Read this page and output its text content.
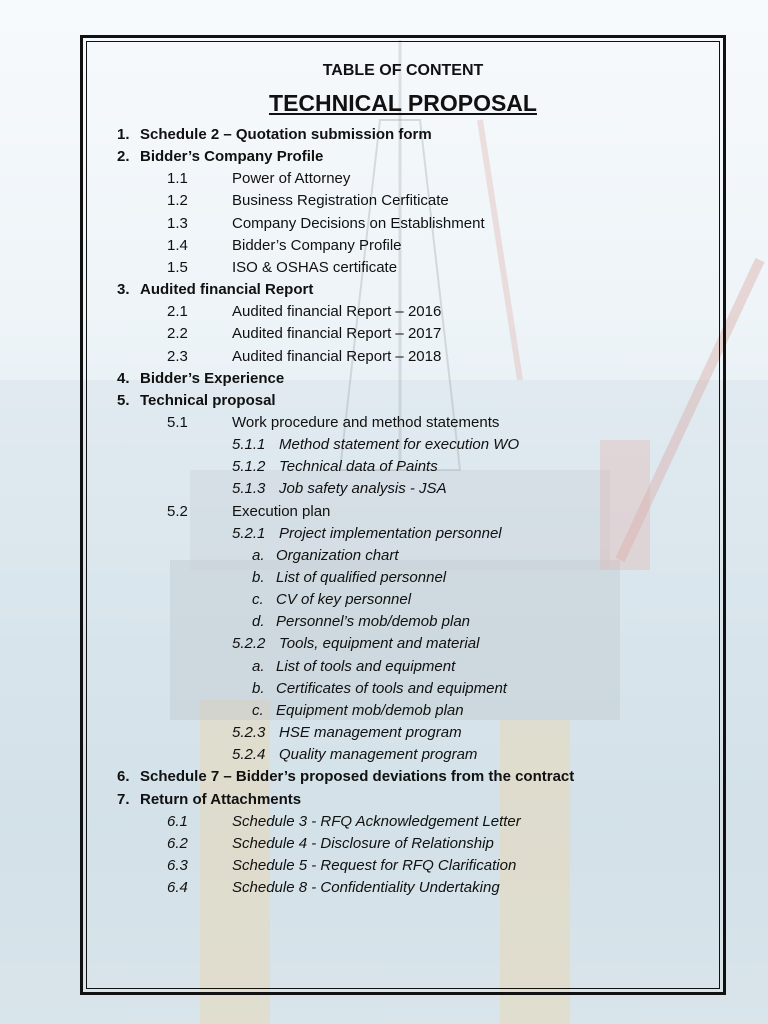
TABLE OF CONTENT
TECHNICAL PROPOSAL
1. Schedule 2 – Quotation submission form
2. Bidder’s Company Profile
1.1	Power of Attorney
1.2	Business Registration Cerfiticate
1.3	Company Decisions on Establishment
1.4	Bidder’s Company Profile
1.5	ISO & OSHAS certificate
3. Audited financial Report
2.1	Audited financial Report – 2016
2.2	Audited financial Report – 2017
2.3	Audited financial Report – 2018
4. Bidder’s Experience
5. Technical proposal
5.1	Work procedure and method statements
5.1.1 Method statement for execution WO
5.1.2 Technical data of Paints
5.1.3 Job safety analysis - JSA
5.2	Execution plan
5.2.1 Project implementation personnel
a. Organization chart
b. List of qualified personnel
c. CV of key personnel
d. Personnel’s mob/demob plan
5.2.2 Tools, equipment and material
a. List of tools and equipment
b. Certificates of tools and equipment
c. Equipment mob/demob plan
5.2.3 HSE management program
5.2.4 Quality management program
6. Schedule 7 – Bidder’s proposed deviations from the contract
7. Return of Attachments
6.1	Schedule 3 - RFQ Acknowledgement Letter
6.2	Schedule 4 - Disclosure of Relationship
6.3	Schedule 5 - Request for RFQ Clarification
6.4	Schedule 8 - Confidentiality Undertaking
